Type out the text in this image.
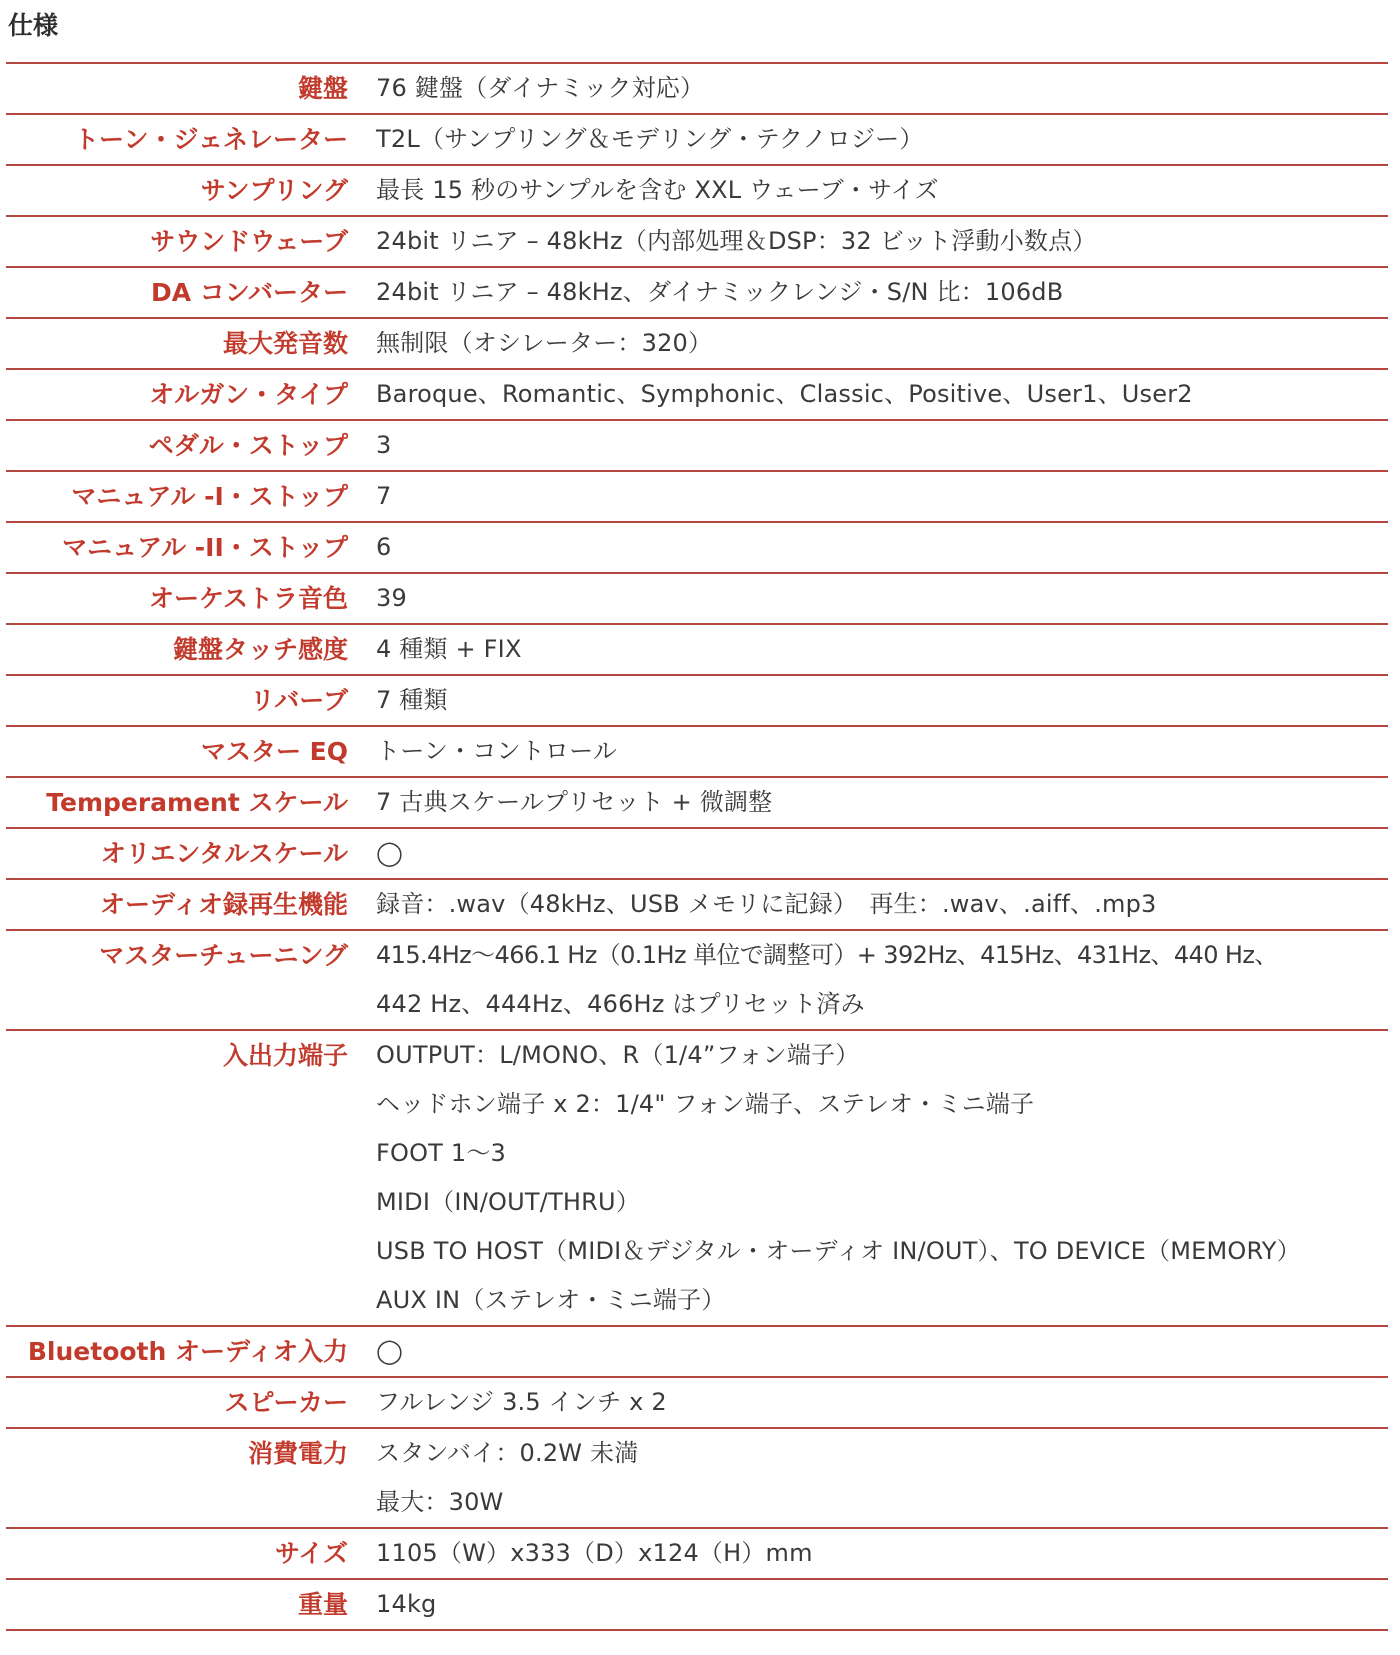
仕様
鍵盤 76 鍵盤（ダイナミック対応）
トーン・ジェネレーター T2L（サンプリング＆モデリング・テクノロジー）
サンプリング 最長 15 秒のサンプルを含む XXL ウェーブ・サイズ
サウンドウェーブ 24bit リニア – 48kHz（内部処理＆DSP：32 ビット浮動小数点）
DA コンバーター 24bit リニア – 48kHz、ダイナミックレンジ・S/N 比：106dB
最大発音数 無制限（オシレーター：320）
オルガン・タイプ Baroque、Romantic、Symphonic、Classic、Positive、User1、User2
ペダル・ストップ 3
マニュアル -I・ストップ 7
マニュアル -II・ストップ 6
オーケストラ音色 39
鍵盤タッチ感度 4 種類 + FIX
リバーブ 7 種類
マスター EQ トーン・コントロール
Temperament スケール 7 古典スケールプリセット + 微調整
オリエンタルスケール ◯
オーディオ録再生機能 録音：.wav（48kHz、USB メモリに記録）　再生：.wav、.aiff、.mp3
マスターチューニング 415.4Hz～466.1 Hz（0.1Hz 単位で調整可）+ 392Hz、415Hz、431Hz、440 Hz、
442 Hz、444Hz、466Hz はプリセット済み
入出力端子 OUTPUT：L/MONO、R（1/4”フォン端子）
ヘッドホン端子 x 2：1/4" フォン端子、ステレオ・ミニ端子
FOOT 1～3
MIDI（IN/OUT/THRU）
USB TO HOST（MIDI＆デジタル・オーディオ IN/OUT）、TO DEVICE（MEMORY）
AUX IN（ステレオ・ミニ端子）
Bluetooth オーディオ入力 ◯
スピーカー フルレンジ 3.5 インチ x 2
消費電力 スタンバイ：0.2W 未満
最大：30W
サイズ 1105（W）x333（D）x124（H）mm
重量 14kg
